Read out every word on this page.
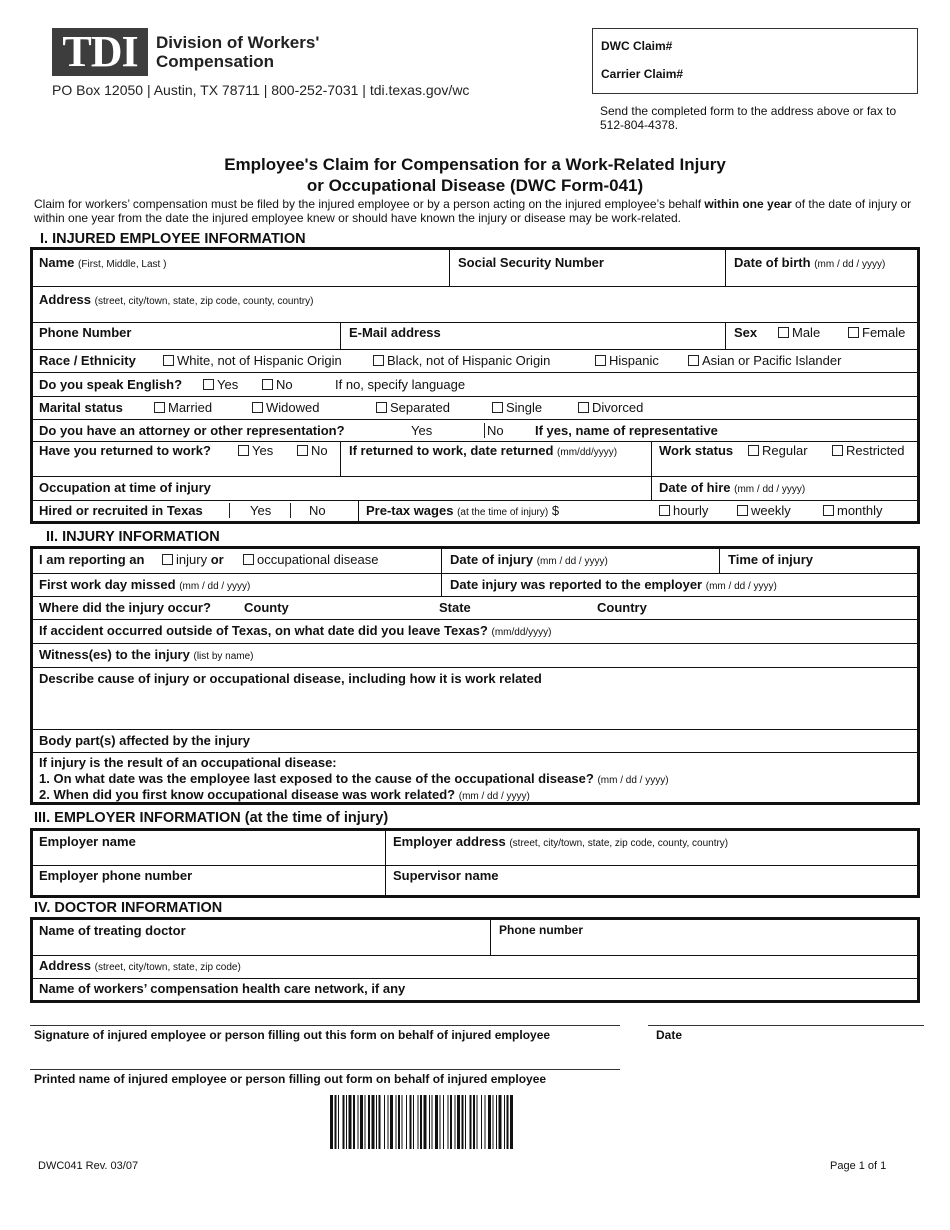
TDI	Division of Workers'
Compensation
PO Box 12050 | Austin, TX 78711 | 800-252-7031 | tdi.texas.gov/wc
DWC Claim#
Carrier Claim#
Send the completed form to the address above or fax to 512-804-4378.
Employee's Claim for Compensation for a Work-Related Injury
or Occupational Disease (DWC Form-041)
Claim for workers’ compensation must be filed by the injured employee or by a person acting on the injured employee’s behalf within one year of the date of injury or within one year from the date the injured employee knew or should have known the injury or disease may be work-related.
I. INJURED EMPLOYEE INFORMATION
Name (First, Middle, Last )	Social Security Number	Date of birth (mm / dd / yyyy)
Address (street, city/town, state, zip code, county, country)
Phone Number	E-Mail address	Sex	Male	Female
Race / Ethnicity	White, not of Hispanic Origin	Black, not of Hispanic Origin	Hispanic	Asian or Pacific Islander
Do you speak English?	Yes	No	If no, specify language
Marital status	Married	Widowed	Separated	Single	Divorced
Do you have an attorney or other representation?	Yes	No If yes, name of representative
Have you returned to work?	Yes	No If returned to work, date returned (mm/dd/yyyy)	Work status	Regular	Restricted
Occupation at time of injury	Date of hire (mm / dd / yyyy)
Hired or recruited in Texas	Yes	No	Pre-tax wages (at the time of injury) $	hourly	weekly	monthly
II. INJURY INFORMATION
I am reporting an	injury or	occupational disease	Date of injury (mm / dd / yyyy)	Time of injury
First work day missed (mm / dd / yyyy)	Date injury was reported to the employer (mm / dd / yyyy)
Where did the injury occur?	County	State	Country
If accident occurred outside of Texas, on what date did you leave Texas? (mm/dd/yyyy)
Witness(es) to the injury (list by name)
Describe cause of injury or occupational disease, including how it is work related
Body part(s) affected by the injury
If injury is the result of an occupational disease:
1. On what date was the employee last exposed to the cause of the occupational disease? (mm / dd / yyyy)
2. When did you first know occupational disease was work related? (mm / dd / yyyy)
III. EMPLOYER INFORMATION (at the time of injury)
Employer name	Employer address (street, city/town, state, zip code, county, country)
Employer phone number	Supervisor name
IV. DOCTOR INFORMATION
Name of treating doctor	Phone number
Address (street, city/town, state, zip code)
Name of workers’ compensation health care network, if any
Signature of injured employee or person filling out this form on behalf of injured employee	Date
Printed name of injured employee or person filling out form on behalf of injured employee
DWC041 Rev. 03/07	Page 1 of 1
